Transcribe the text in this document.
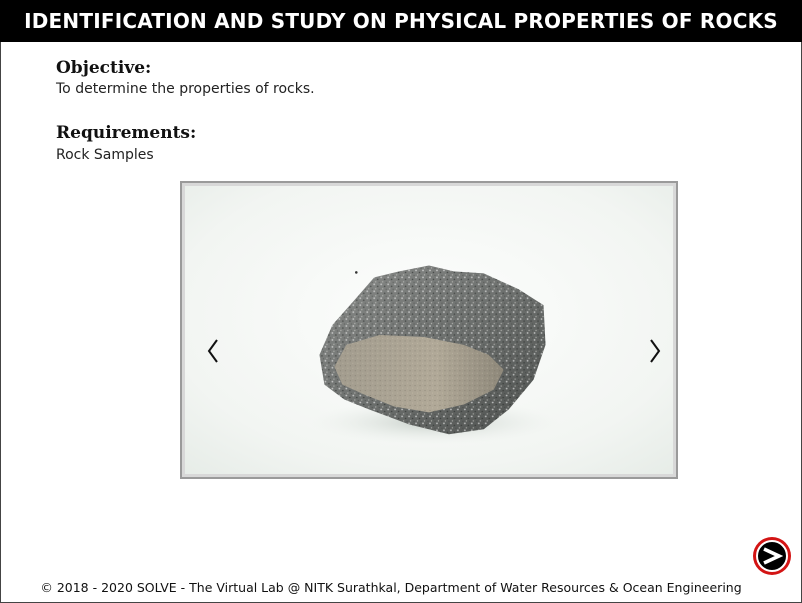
IDENTIFICATION AND STUDY ON PHYSICAL PROPERTIES OF ROCKS
Objective:
To determine the properties of rocks.
Requirements:
Rock Samples
© 2018 - 2020 SOLVE - The Virtual Lab @ NITK Surathkal, Department of Water Resources & Ocean Engineering
